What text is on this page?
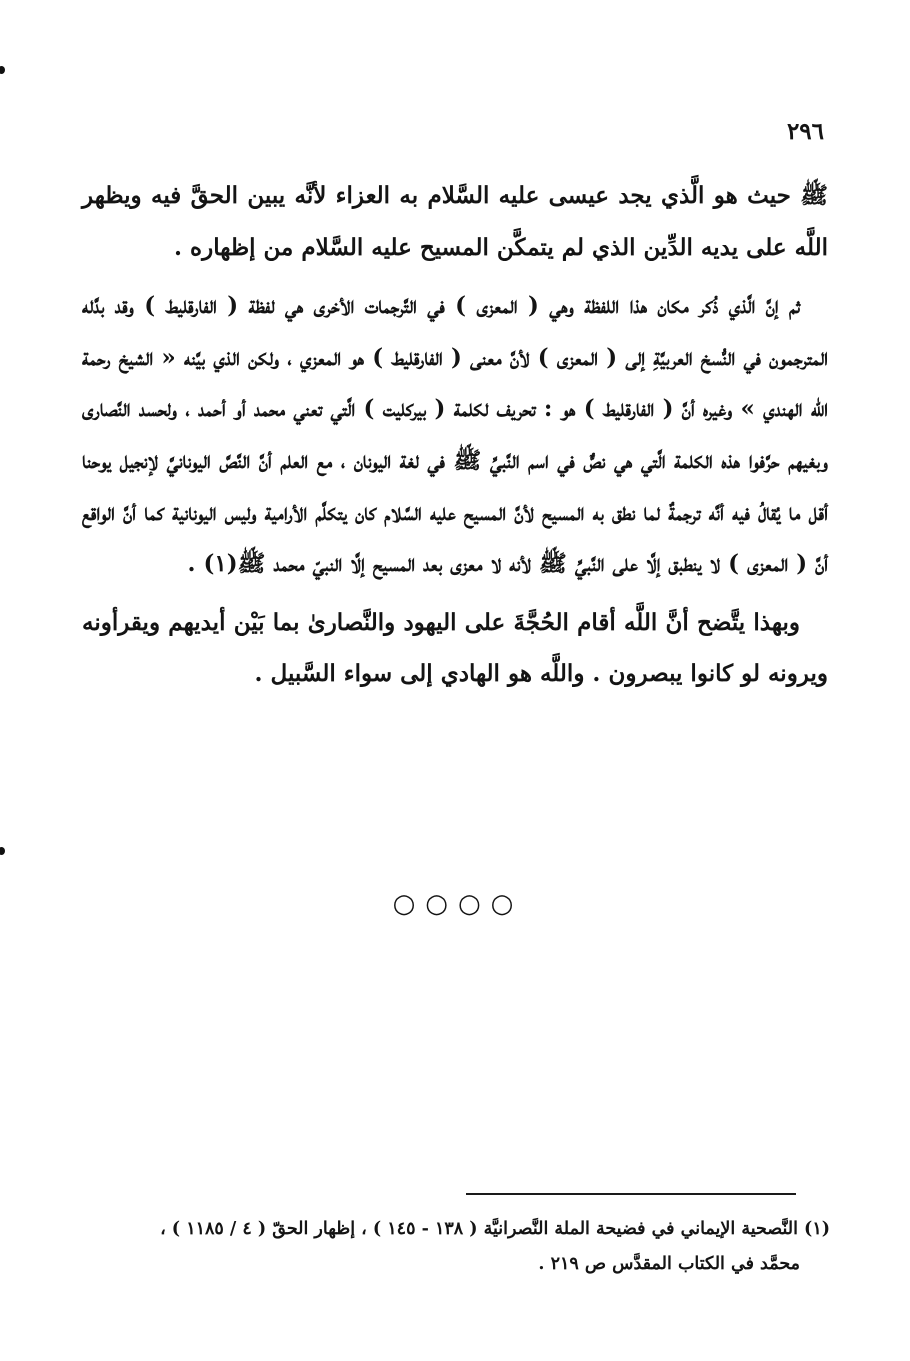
٢٩٦

ﷺ حيث هو الَّذي يجد عيسى عليه السَّلام به العزاء لأنَّه يبين الحقَّ فيه ويظهر اللَّه على يديه الدِّين الذي لم يتمكَّن المسيح عليه السَّلام من إظهاره .

ثم إنَّ الَّذي ذُكر مكان هذا اللفظة وهي ( المعزى ) في التَّرجمات الأخرى هي لفظة ( الفارقليط ) وقد بدَّله المترجمون في النُّسخ العربيَّةِ إلى ( المعزى ) لأنَّ معنى ( الفارقليط ) هو المعزي ، ولكن الذي بيَّنه « الشيخ رحمة الله الهندي » وغيره أنَّ ( الفارقليط ) هو : تحريف لكلمة ( بيركليت ) الَّتي تعني محمد أو أحمد ، ولحسد النَّصارى وبغيهم حرَّفوا هذه الكلمة الَّتي هي نصٌّ في اسم النَّبيِّ ﷺ في لغة اليونان ، مع العلم أنَّ النَّصَّ اليونانيَّ لإنجيل يوحنا أقل ما يُقالُ فيه أنَّه ترجمةٌ لما نطق به المسيح لأنَّ المسيح عليه السَّلام كان يتكلَّم الأرامية وليس اليونانية كما أنَّ الواقع أنَّ ( المعزى ) لا ينطبق إلَّا على النَّبيِّ ﷺ لأنه لا معزى بعد المسيح إلَّا النبيّ محمد ﷺ(١) .

وبهذا يتَّضح أنَّ اللَّه أقام الحُجَّةَ على اليهود والنَّصارىٰ بما بَيْن أيديهم ويقرأونه ويرونه لو كانوا يبصرون . واللَّه هو الهادي إلى سواء السَّبيل .

○○○○
(١) النَّصحية الإيماني في فضيحة الملة النَّصرانيَّة ( ١٣٨ - ١٤٥ ) ، إظهار الحقّ ( ٤ / ١١٨٥ ) ،
محمَّد في الكتاب المقدَّس ص ٢١٩ .
